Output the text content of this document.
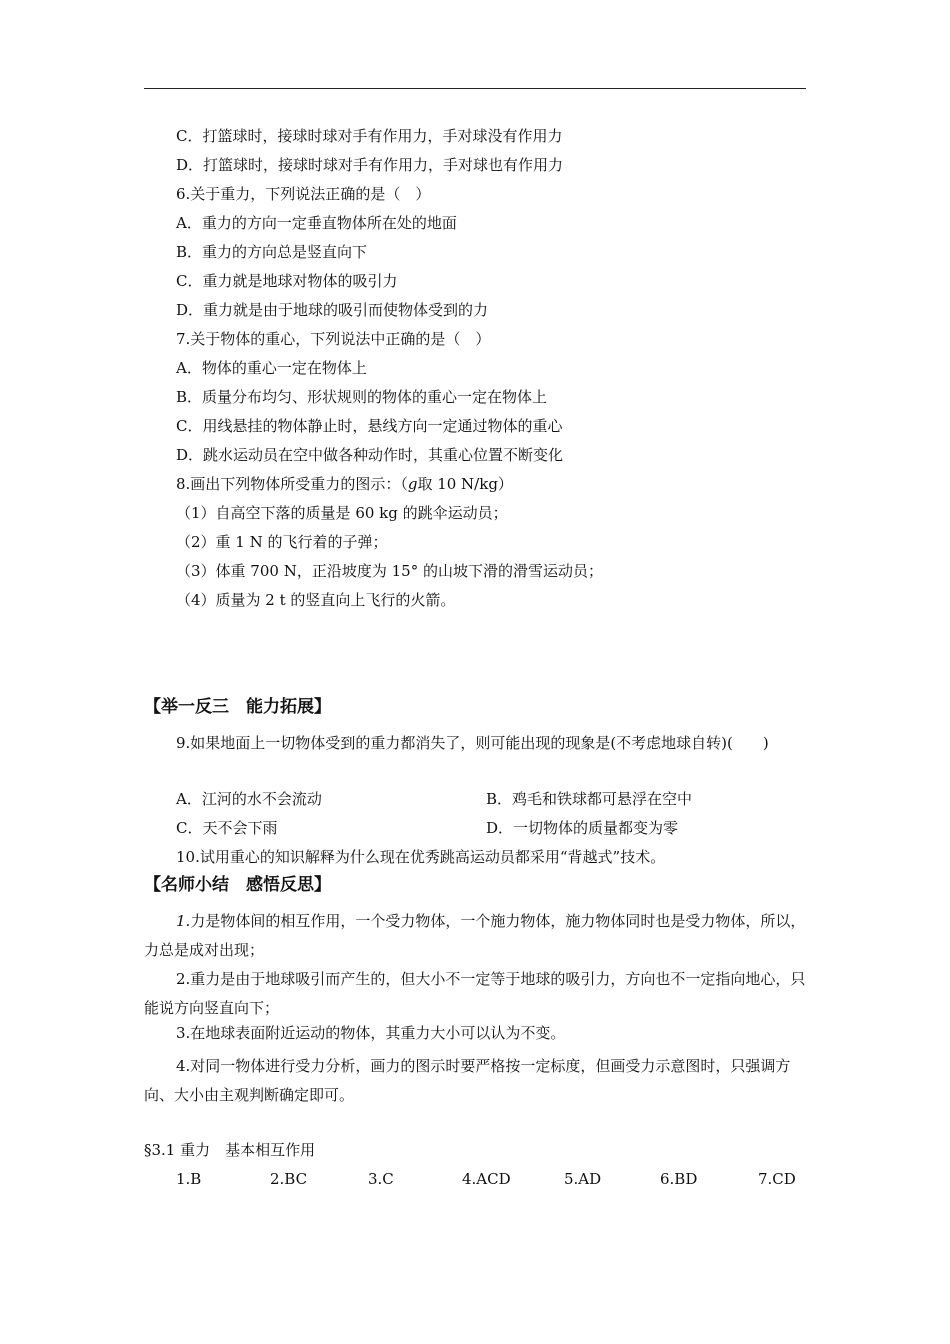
C．打篮球时，接球时球对手有作用力，手对球没有作用力
D．打篮球时，接球时球对手有作用力，手对球也有作用力
6.关于重力，下列说法正确的是（　）
A．重力的方向一定垂直物体所在处的地面
B．重力的方向总是竖直向下
C．重力就是地球对物体的吸引力
D．重力就是由于地球的吸引而使物体受到的力
7.关于物体的重心，下列说法中正确的是（　）
A．物体的重心一定在物体上
B．质量分布均匀、形状规则的物体的重心一定在物体上
C．用线悬挂的物体静止时，悬线方向一定通过物体的重心
D．跳水运动员在空中做各种动作时，其重心位置不断变化
8.画出下列物体所受重力的图示：（g取 10 N/kg）
（1）自高空下落的质量是 60 kg 的跳伞运动员；
（2）重 1 N 的飞行着的子弹；
（3）体重 700 N，正沿坡度为 15° 的山坡下滑的滑雪运动员；
（4）质量为 2 t 的竖直向上飞行的火箭。
【举一反三　能力拓展】
9.如果地面上一切物体受到的重力都消失了，则可能出现的现象是(不考虑地球自转)(　　)
A．江河的水不会流动	B．鸡毛和铁球都可悬浮在空中
C．天不会下雨	D．一切物体的质量都变为零
10.试用重心的知识解释为什么现在优秀跳高运动员都采用“背越式”技术。
【名师小结　感悟反思】
1.力是物体间的相互作用，一个受力物体，一个施力物体，施力物体同时也是受力物体，所以，力总是成对出现；
2.重力是由于地球吸引而产生的，但大小不一定等于地球的吸引力，方向也不一定指向地心，只能说方向竖直向下；
3.在地球表面附近运动的物体，其重力大小可以认为不变。
4.对同一物体进行受力分析，画力的图示时要严格按一定标度，但画受力示意图时，只强调方向、大小由主观判断确定即可。
§3.1 重力　基本相互作用
1.B	2.BC	3.C	4.ACD	5.AD	6.BD	7.CD
